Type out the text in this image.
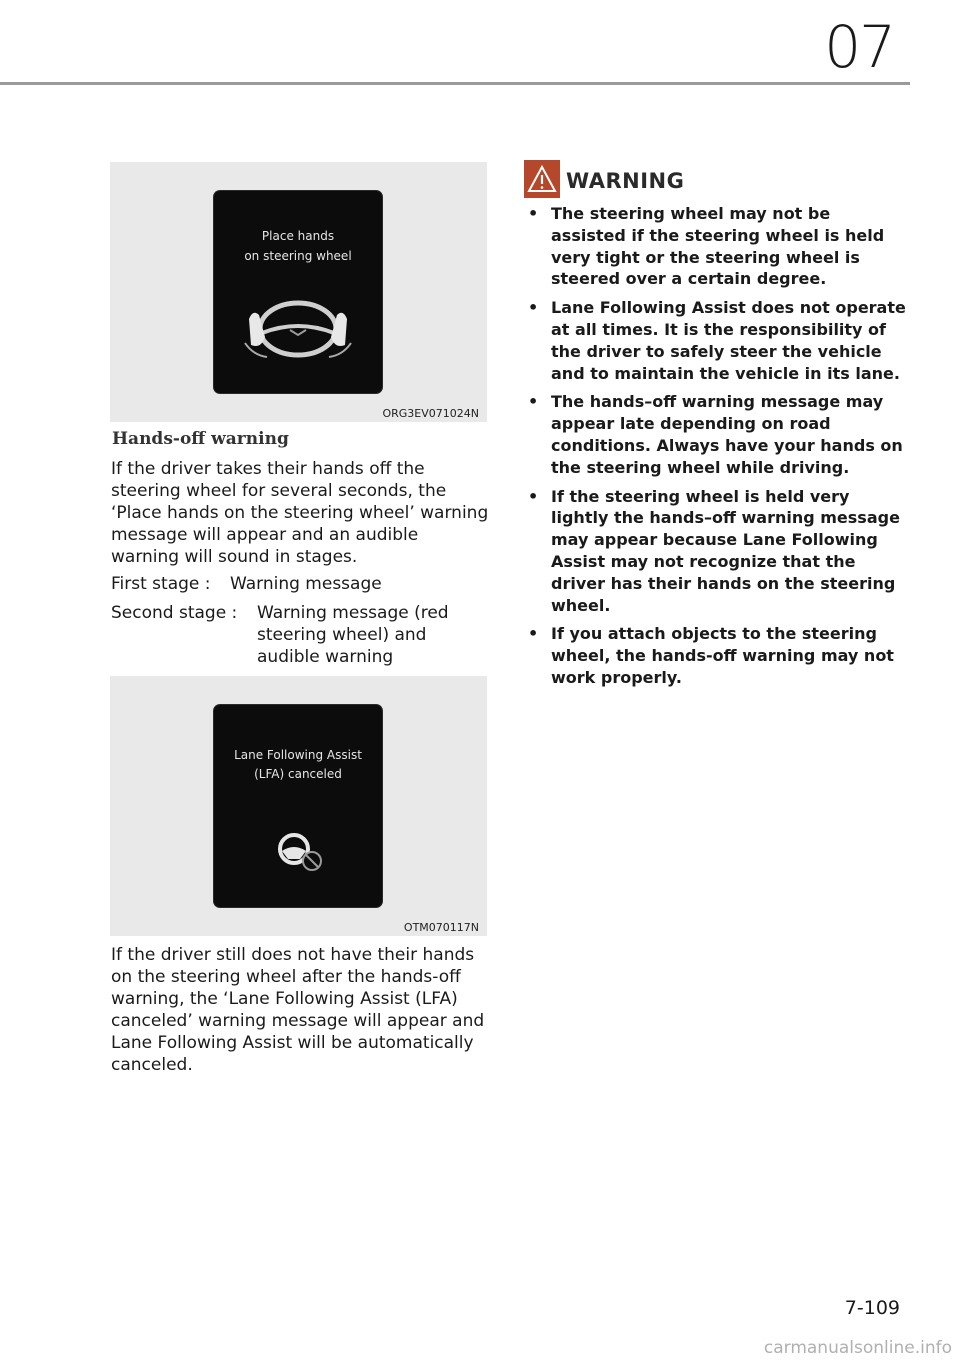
07
Place hands
on steering wheel
ORG3EV071024N
Hands-off warning
If the driver takes their hands off the steering wheel for several seconds, the ‘Place hands on the steering wheel’ warning message will appear and an audible warning will sound in stages.
First stage : Warning message
Second stage : Warning message (red
steering wheel) and
audible warning
Lane Following Assist
(LFA) canceled
OTM070117N
If the driver still does not have their hands on the steering wheel after the hands-off warning, the ‘Lane Following Assist (LFA) canceled’ warning message will appear and Lane Following Assist will be automatically canceled.
WARNING
• The steering wheel may not be assisted if the steering wheel is held very tight or the steering wheel is steered over a certain degree.
• Lane Following Assist does not operate at all times. It is the responsibility of the driver to safely steer the vehicle and to maintain the vehicle in its lane.
• The hands–off warning message may appear late depending on road conditions. Always have your hands on the steering wheel while driving.
• If the steering wheel is held very lightly the hands–off warning message may appear because Lane Following Assist may not recognize that the driver has their hands on the steering wheel.
• If you attach objects to the steering wheel, the hands-off warning may not work properly.
7-109
carmanualsonline.info
